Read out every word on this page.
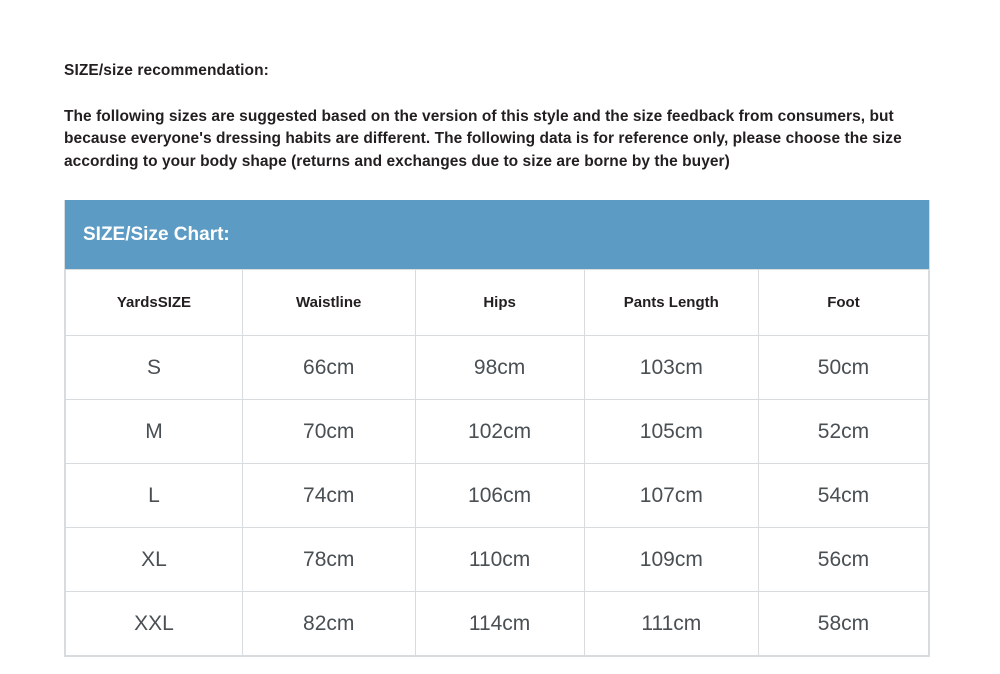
SIZE/size recommendation:
The following sizes are suggested based on the version of this style and the size feedback from consumers, but because everyone's dressing habits are different. The following data is for reference only, please choose the size according to your body shape (returns and exchanges due to size are borne by the buyer)
SIZE/Size Chart:
YardsSIZE	Waistline	Hips	Pants Length	Foot
S	66cm	98cm	103cm	50cm
M	70cm	102cm	105cm	52cm
L	74cm	106cm	107cm	54cm
XL	78cm	110cm	109cm	56cm
XXL	82cm	114cm	111cm	58cm
